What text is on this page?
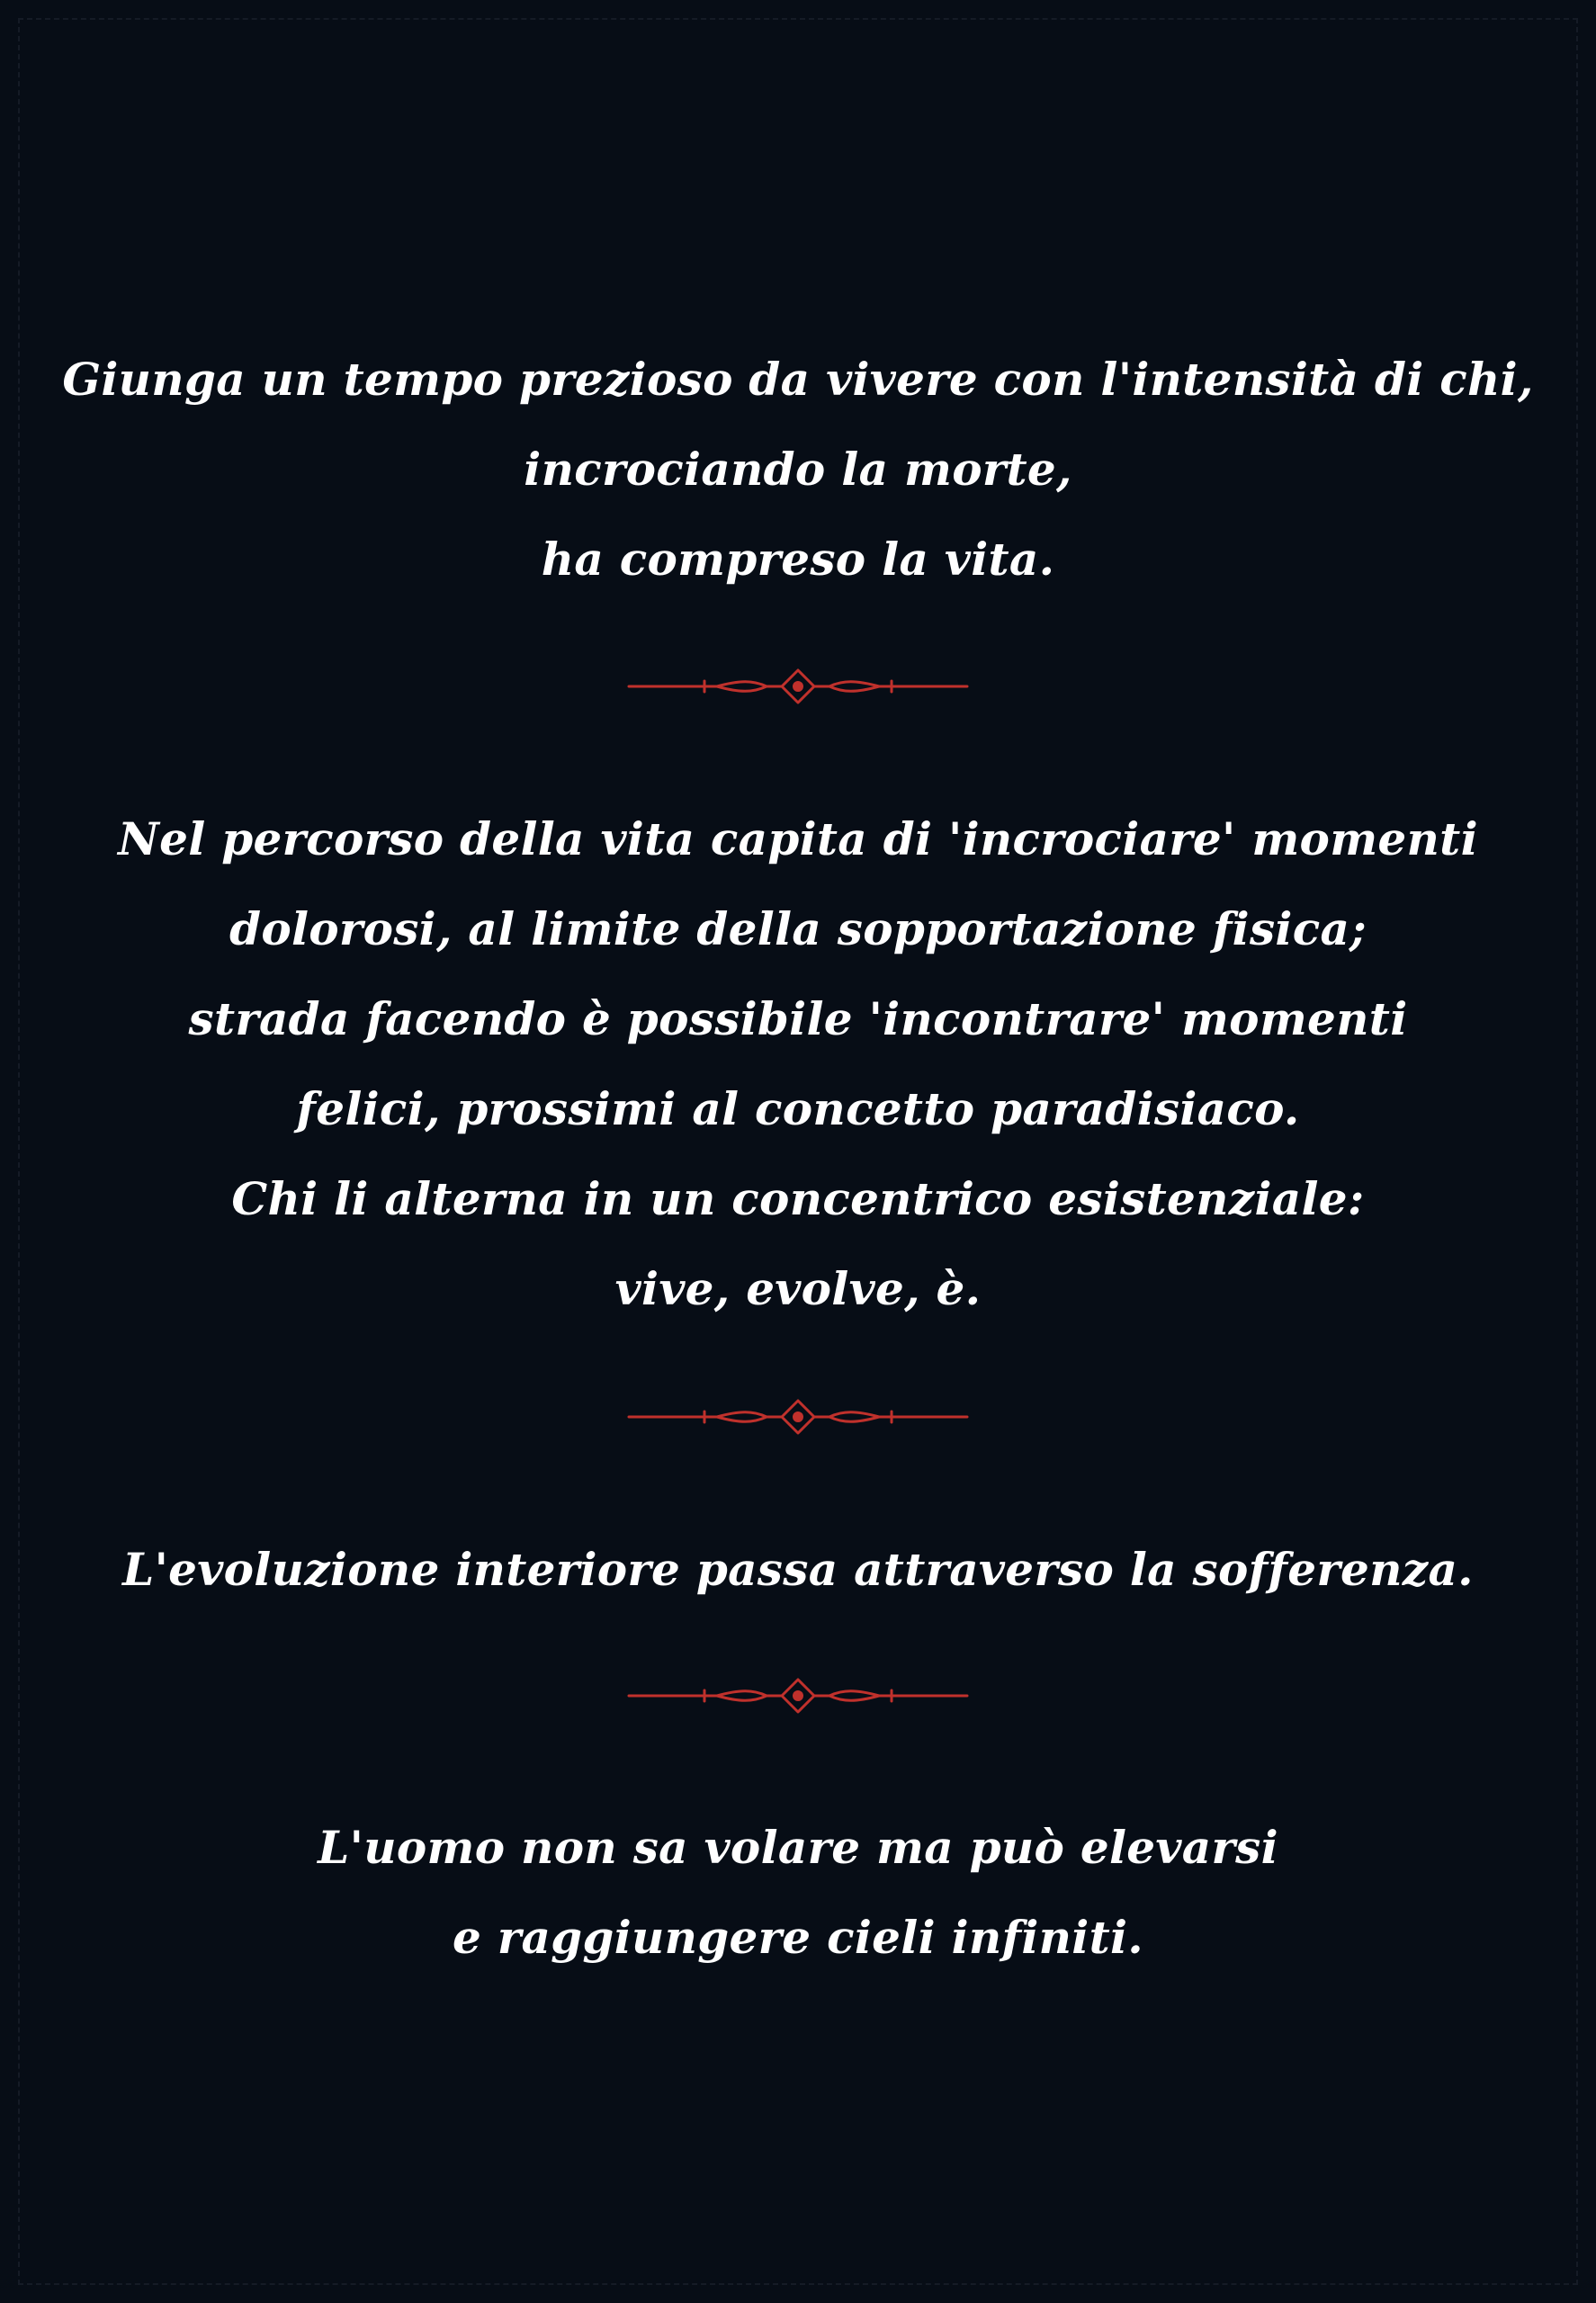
Giunga un tempo prezioso da vivere con l'intensità di chi,
incrociando la morte,
ha compreso la vita.
Nel percorso della vita capita di 'incrociare' momenti
dolorosi, al limite della sopportazione fisica;
strada facendo è possibile 'incontrare' momenti
felici, prossimi al concetto paradisiaco.
Chi li alterna in un concentrico esistenziale:
vive, evolve, è.
L'evoluzione interiore passa attraverso la sofferenza.
L'uomo non sa volare ma può elevarsi
e raggiungere cieli infiniti.
